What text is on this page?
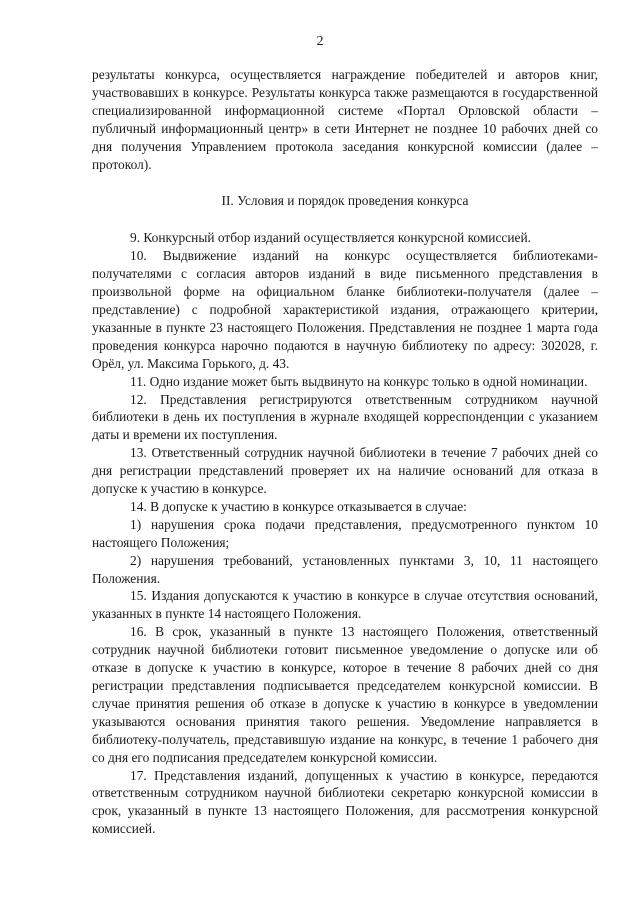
2

результаты конкурса, осуществляется награждение победителей и авторов книг, участвовавших в конкурсе. Результаты конкурса также размещаются в государственной специализированной информационной системе «Портал Орловской области – публичный информационный центр» в сети Интернет не позднее 10 рабочих дней со дня получения Управлением протокола заседания конкурсной комиссии (далее – протокол).

II. Условия и порядок проведения конкурса

9. Конкурсный отбор изданий осуществляется конкурсной комиссией.

10. Выдвижение изданий на конкурс осуществляется библиотеками-получателями с согласия авторов изданий в виде письменного представления в произвольной форме на официальном бланке библиотеки-получателя (далее – представление) с подробной характеристикой издания, отражающего критерии, указанные в пункте 23 настоящего Положения. Представления не позднее 1 марта года проведения конкурса нарочно подаются в научную библиотеку по адресу: 302028, г. Орёл, ул. Максима Горького, д. 43.

11. Одно издание может быть выдвинуто на конкурс только в одной номинации.

12. Представления регистрируются ответственным сотрудником научной библиотеки в день их поступления в журнале входящей корреспонденции с указанием даты и времени их поступления.

13. Ответственный сотрудник научной библиотеки в течение 7 рабочих дней со дня регистрации представлений проверяет их на наличие оснований для отказа в допуске к участию в конкурсе.

14. В допуске к участию в конкурсе отказывается в случае:

1) нарушения срока подачи представления, предусмотренного пунктом 10 настоящего Положения;

2) нарушения требований, установленных пунктами 3, 10, 11 настоящего Положения.

15. Издания допускаются к участию в конкурсе в случае отсутствия оснований, указанных в пункте 14 настоящего Положения.

16. В срок, указанный в пункте 13 настоящего Положения, ответственный сотрудник научной библиотеки готовит письменное уведомление о допуске или об отказе в допуске к участию в конкурсе, которое в течение 8 рабочих дней со дня регистрации представления подписывается председателем конкурсной комиссии. В случае принятия решения об отказе в допуске к участию в конкурсе в уведомлении указываются основания принятия такого решения. Уведомление направляется в библиотеку-получатель, представившую издание на конкурс, в течение 1 рабочего дня со дня его подписания председателем конкурсной комиссии.

17. Представления изданий, допущенных к участию в конкурсе, передаются ответственным сотрудником научной библиотеки секретарю конкурсной комиссии в срок, указанный в пункте 13 настоящего Положения, для рассмотрения конкурсной комиссией.
